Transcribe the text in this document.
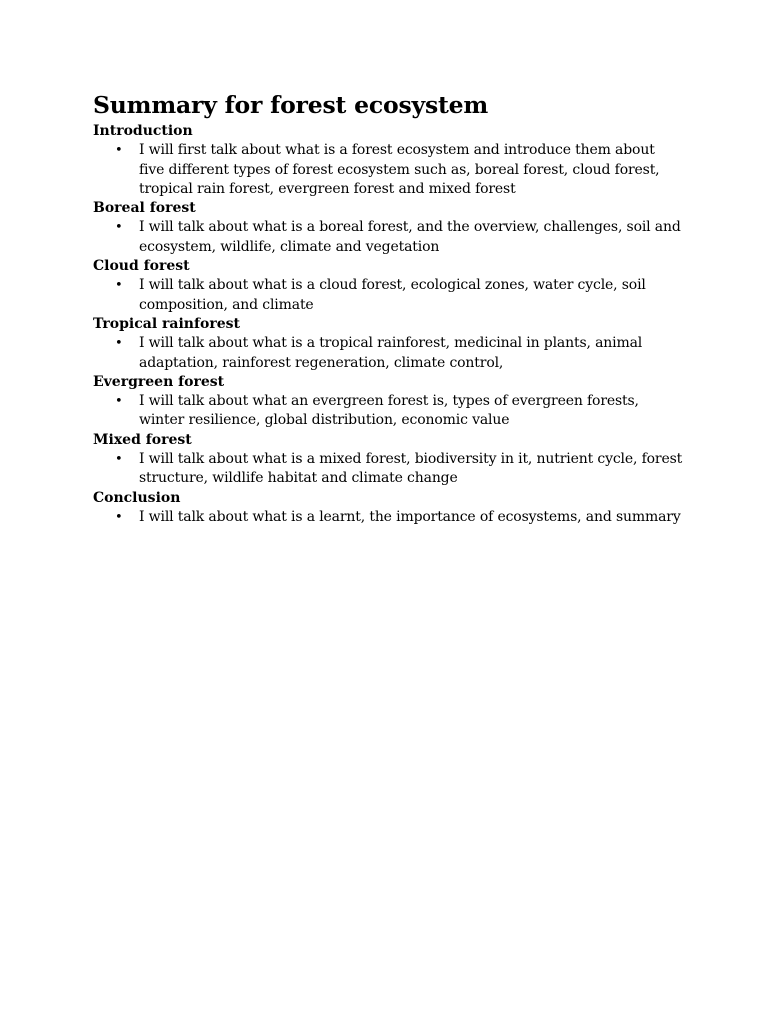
Summary for forest ecosystem
Introduction
• I will first talk about what is a forest ecosystem and introduce them about five different types of forest ecosystem such as, boreal forest, cloud forest, tropical rain forest, evergreen forest and mixed forest
Boreal forest
• I will talk about what is a boreal forest, and the overview, challenges, soil and ecosystem, wildlife, climate and vegetation
Cloud forest
• I will talk about what is a cloud forest, ecological zones, water cycle, soil composition, and climate
Tropical rainforest
• I will talk about what is a tropical rainforest, medicinal in plants, animal adaptation, rainforest regeneration, climate control,
Evergreen forest
• I will talk about what an evergreen forest is, types of evergreen forests, winter resilience, global distribution, economic value
Mixed forest
• I will talk about what is a mixed forest, biodiversity in it, nutrient cycle, forest structure, wildlife habitat and climate change
Conclusion
• I will talk about what is a learnt, the importance of ecosystems, and summary
